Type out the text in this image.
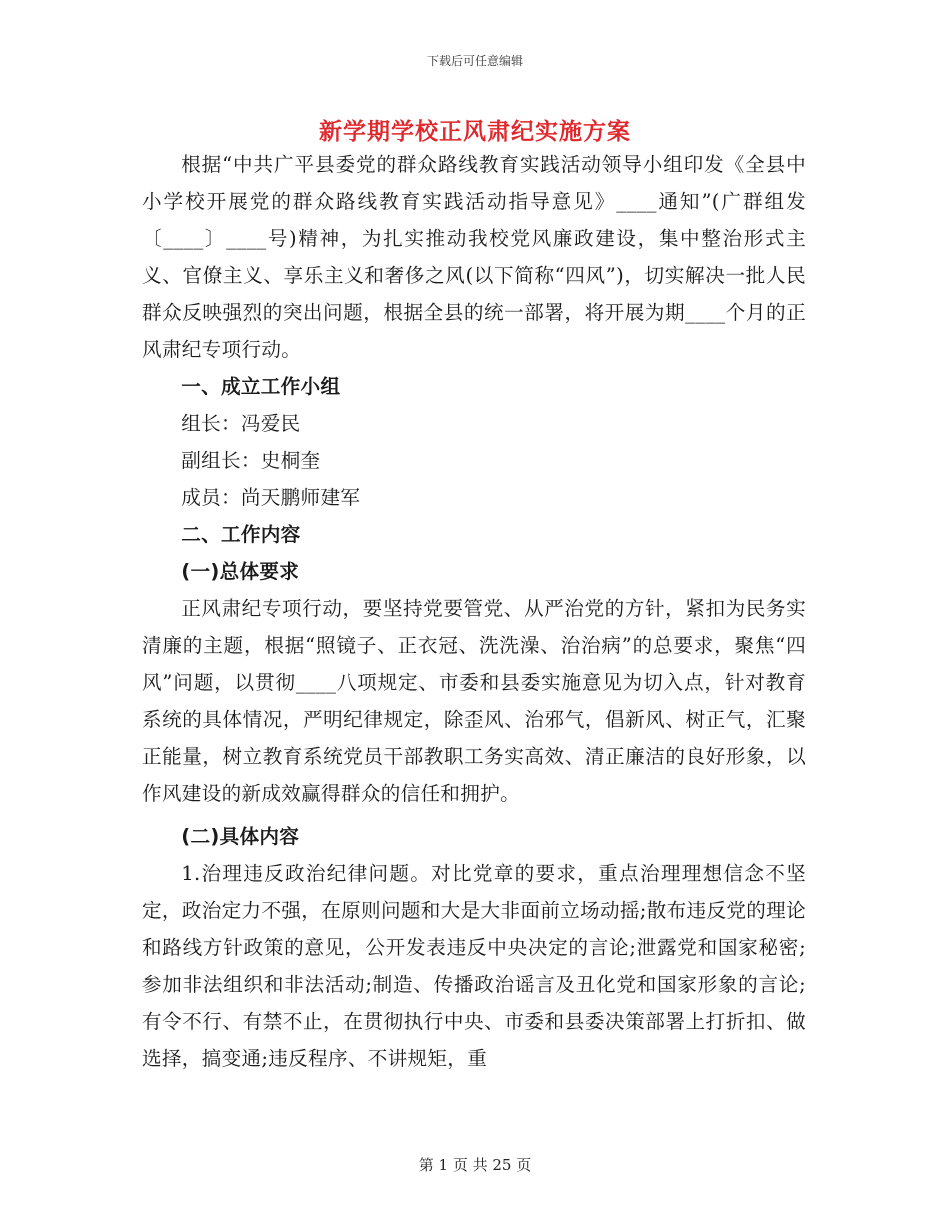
下载后可任意编辑
新学期学校正风肃纪实施方案

根据“中共广平县委党的群众路线教育实践活动领导小组印发《全县中小学校开展党的群众路线教育实践活动指导意见》____通知”(广群组发〔____〕____号)精神，为扎实推动我校党风廉政建设，集中整治形式主义、官僚主义、享乐主义和奢侈之风(以下简称“四风”)，切实解决一批人民群众反映强烈的突出问题，根据全县的统一部署，将开展为期____个月的正风肃纪专项行动。

一、成立工作小组

组长：冯爱民

副组长：史桐奎

成员：尚天鹏师建军

二、工作内容

(一)总体要求

正风肃纪专项行动，要坚持党要管党、从严治党的方针，紧扣为民务实清廉的主题，根据“照镜子、正衣冠、洗洗澡、治治病”的总要求，聚焦“四风”问题，以贯彻____八项规定、市委和县委实施意见为切入点，针对教育系统的具体情况，严明纪律规定，除歪风、治邪气，倡新风、树正气，汇聚正能量，树立教育系统党员干部教职工务实高效、清正廉洁的良好形象，以作风建设的新成效赢得群众的信任和拥护。

(二)具体内容

1.治理违反政治纪律问题。对比党章的要求，重点治理理想信念不坚定，政治定力不强，在原则问题和大是大非面前立场动摇;散布违反党的理论和路线方针政策的意见，公开发表违反中央决定的言论;泄露党和国家秘密;参加非法组织和非法活动;制造、传播政治谣言及丑化党和国家形象的言论;有令不行、有禁不止，在贯彻执行中央、市委和县委决策部署上打折扣、做选择，搞变通;违反程序、不讲规矩，重

第 1 页 共 25 页
